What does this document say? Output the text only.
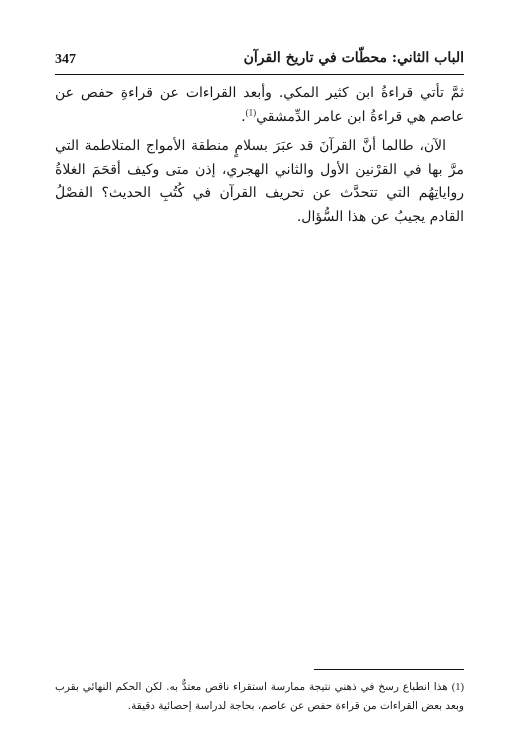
347	الباب الثاني: محطّات في تاريخ القرآن

ثمَّ تأتي قراءةُ ابن كثير المكي. وأبعد القراءات عن قراءةِ حفص عن عاصم هي قراءةُ ابن عامر الدِّمشقي$^{(1)}$.

الآن، طالما أنَّ القرآنَ قد عبَرَ بسلامٍ منطقة الأمواج المتلاطمة التي مرَّ بها في القرْنين الأول والثاني الهجري، إذن متى وكيف أقحَمَ الغلاةُ رواياتِهُم التي تتحدَّث عن تحريف القرآن في كُتُبِ الحديث؟ الفصْلُ القادم يجيبُ عن هذا السُّؤال.

(1)هذا انطباع رسخ في ذهني نتيجة ممارسة استقراء ناقص معتدٌّ به. لكن الحكم النهائي بقرب وبعد بعض القراءات من قراءة حفص عن عاصم، بحاجة لدراسة إحصائية دقيقة.
